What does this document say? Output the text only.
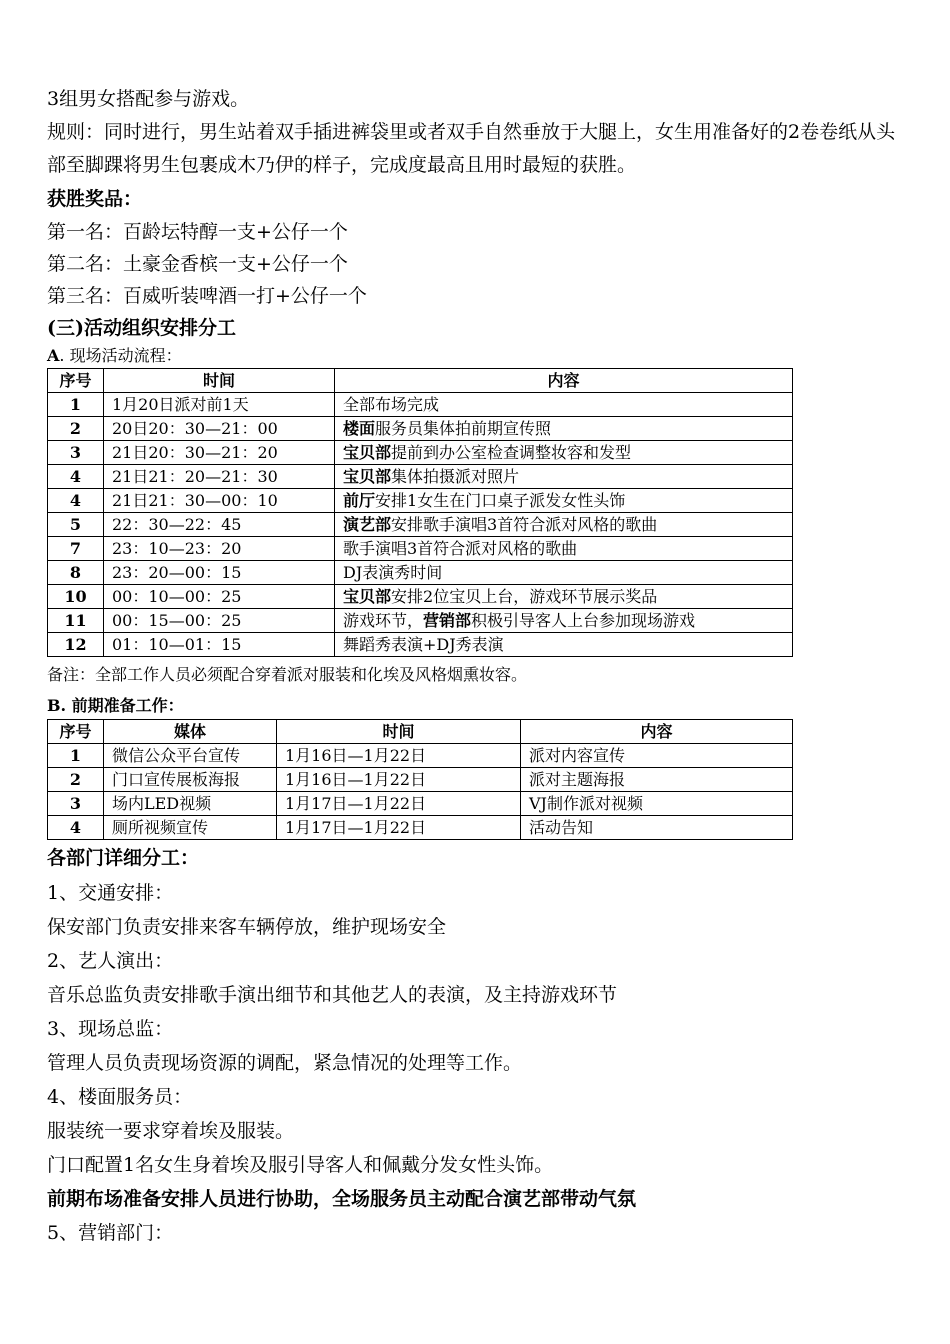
3组男女搭配参与游戏。
规则：同时进行，男生站着双手插进裤袋里或者双手自然垂放于大腿上，女生用准备好的2卷卷纸从头部至脚踝将男生包裹成木乃伊的样子，完成度最高且用时最短的获胜。
获胜奖品：
第一名：百龄坛特醇一支+公仔一个
第二名：土豪金香槟一支+公仔一个
第三名：百威听装啤酒一打+公仔一个
(三)活动组织安排分工
A. 现场活动流程：
序号	时间	内容
1	1月20日派对前1天	全部布场完成
2	20日20：30—21：00	楼面服务员集体拍前期宣传照
3	21日20：30—21：20	宝贝部提前到办公室检查调整妆容和发型
4	21日21：20—21：30	宝贝部集体拍摄派对照片
4	21日21：30—00：10	前厅安排1女生在门口桌子派发女性头饰
5	22：30—22：45	演艺部安排歌手演唱3首符合派对风格的歌曲
7	23：10—23：20	歌手演唱3首符合派对风格的歌曲
8	23：20—00：15	DJ表演秀时间
10	00：10—00：25	宝贝部安排2位宝贝上台，游戏环节展示奖品
11	00：15—00：25	游戏环节，营销部积极引导客人上台参加现场游戏
12	01：10—01：15	舞蹈秀表演+DJ秀表演
备注：全部工作人员必须配合穿着派对服装和化埃及风格烟熏妆容。
B. 前期准备工作：
序号	媒体	时间	内容
1	微信公众平台宣传	1月16日—1月22日	派对内容宣传
2	门口宣传展板海报	1月16日—1月22日	派对主题海报
3	场内LED视频	1月17日—1月22日	VJ制作派对视频
4	厕所视频宣传	1月17日—1月22日	活动告知
各部门详细分工：
1、交通安排：
保安部门负责安排来客车辆停放，维护现场安全
2、艺人演出：
音乐总监负责安排歌手演出细节和其他艺人的表演，及主持游戏环节
3、现场总监：
管理人员负责现场资源的调配，紧急情况的处理等工作。
4、楼面服务员：
服装统一要求穿着埃及服装。
门口配置1名女生身着埃及服引导客人和佩戴分发女性头饰。
前期布场准备安排人员进行协助，全场服务员主动配合演艺部带动气氛
5、营销部门：
